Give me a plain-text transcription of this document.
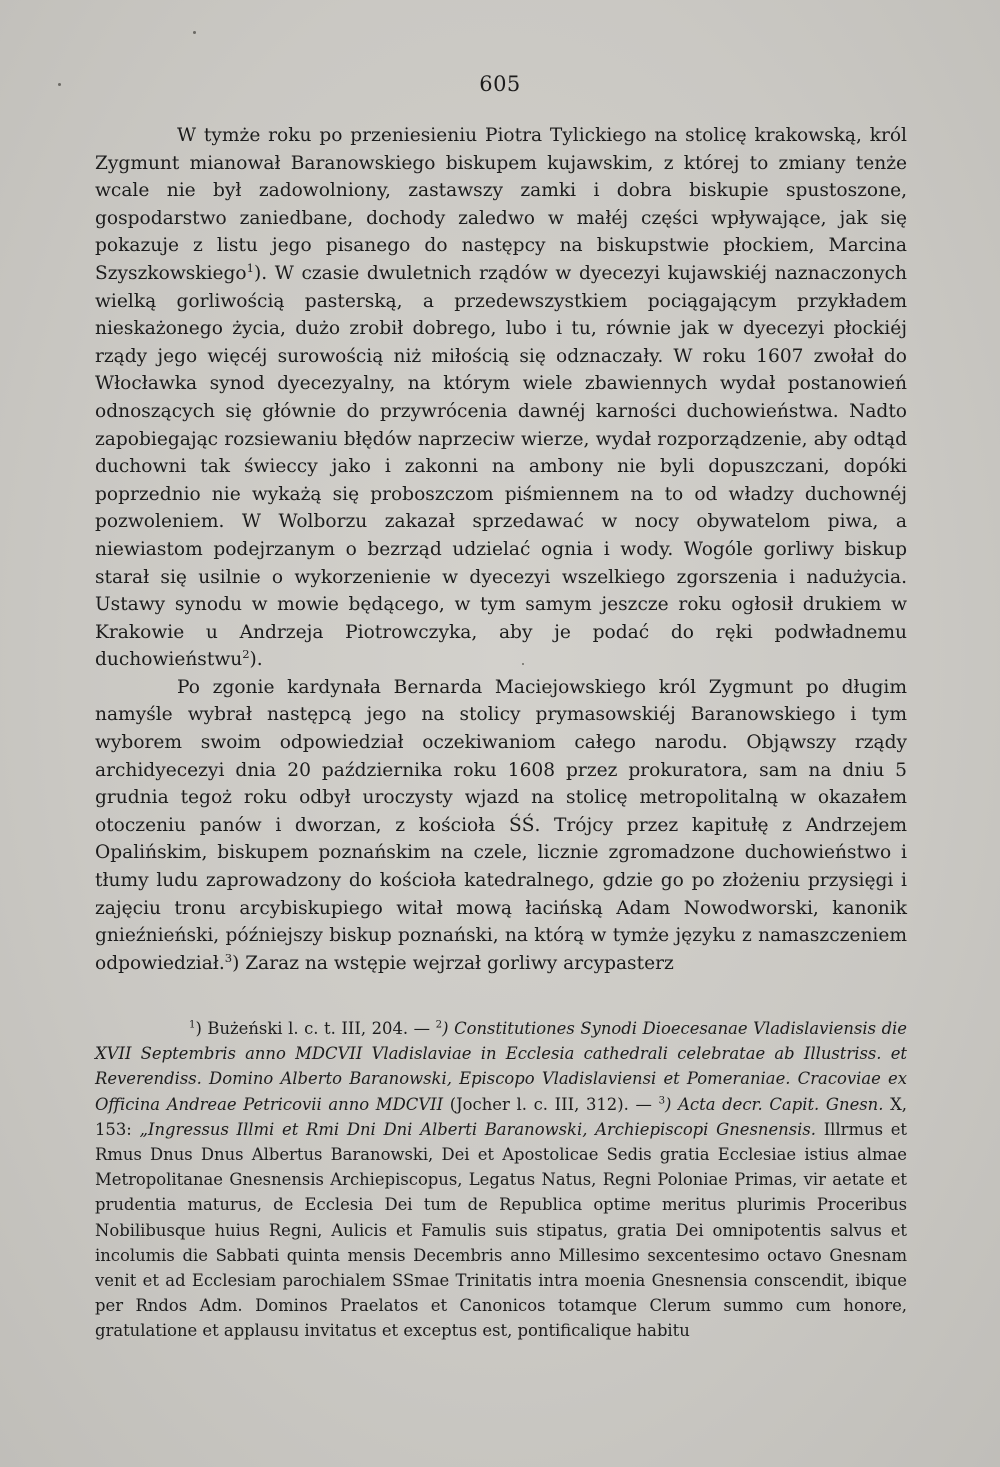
605

W tymże roku po przeniesieniu Piotra Tylickiego na stolicę krakowską, król Zygmunt mianował Baranowskiego biskupem kujawskim, z której to zmiany tenże wcale nie był zadowolniony, zastawszy zamki i dobra biskupie spustoszone, gospodarstwo zaniedbane, dochody zaledwo w małéj części wpływające, jak się pokazuje z listu jego pisanego do następcy na biskupstwie płockiem, Marcina Szyszkowskiego$^1$). W czasie dwuletnich rządów w dyecezyi kujawskiéj naznaczonych wielką gorliwością pasterską, a przedewszystkiem pociągającym przykładem nieskażonego życia, dużo zrobił dobrego, lubo i tu, równie jak w dyecezyi płockiéj rządy jego więcéj surowością niż miłością się odznaczały. W roku 1607 zwołał do Włocławka synod dyecezyalny, na którym wiele zbawiennych wydał postanowień odnoszących się głównie do przywrócenia dawnéj karności duchowieństwa. Nadto zapobiegając rozsiewaniu błędów naprzeciw wierze, wydał rozporządzenie, aby odtąd duchowni tak świeccy jako i zakonni na ambony nie byli dopuszczani, dopóki poprzednio nie wykażą się proboszczom piśmiennem na to od władzy duchownéj pozwoleniem. W Wolborzu zakazał sprzedawać w nocy obywatelom piwa, a niewiastom podejrzanym o bezrząd udzielać ognia i wody. Wogóle gorliwy biskup starał się usilnie o wykorzenienie w dyecezyi wszelkiego zgorszenia i nadużycia. Ustawy synodu w mowie będącego, w tym samym jeszcze roku ogłosił drukiem w Krakowie u Andrzeja Piotrowczyka, aby je podać do ręki podwładnemu duchowieństwu$^2$).

Po zgonie kardynała Bernarda Maciejowskiego król Zygmunt po długim namyśle wybrał następcą jego na stolicy prymasowskiéj Baranowskiego i tym wyborem swoim odpowiedział oczekiwaniom całego narodu. Objąwszy rządy archidyecezyi dnia 20 października roku 1608 przez prokuratora, sam na dniu 5 grudnia tegoż roku odbył uroczysty wjazd na stolicę metropolitalną w okazałem otoczeniu panów i dworzan, z kościoła ŚŚ. Trójcy przez kapitułę z Andrzejem Opalińskim, biskupem poznańskim na czele, licznie zgromadzone duchowieństwo i tłumy ludu zaprowadzony do kościoła katedralnego, gdzie go po złożeniu przysięgi i zajęciu tronu arcybiskupiego witał mową łacińską Adam Nowodworski, kanonik gnieźnieński, późniejszy biskup poznański, na którą w tymże języku z namaszczeniem odpowiedział.$^3$) Zaraz na wstępie wejrzał gorliwy arcypasterz

$^1$) Bużeński l. c. t. III, 204. — $^2$) Constitutiones Synodi Dioecesanae Vladislaviensis die XVII Septembris anno MDCVII Vladislaviae in Ecclesia cathedrali celebratae ab Illustriss. et Reverendiss. Domino Alberto Baranowski, Episcopo Vladislaviensi et Pomeraniae. Cracoviae ex Officina Andreae Petricovii anno MDCVII (Jocher l. c. III, 312). — $^3$) Acta decr. Capit. Gnesn. X, 153: „Ingressus Illmi et Rmi Dni Dni Alberti Baranowski, Archiepiscopi Gnesnensis. Illrmus et Rmus Dnus Dnus Albertus Baranowski, Dei et Apostolicae Sedis gratia Ecclesiae istius almae Metropolitanae Gnesnensis Archiepiscopus, Legatus Natus, Regni Poloniae Primas, vir aetate et prudentia maturus, de Ecclesia Dei tum de Republica optime meritus plurimis Proceribus Nobilibusque huius Regni, Aulicis et Famulis suis stipatus, gratia Dei omnipotentis salvus et incolumis die Sabbati quinta mensis Decembris anno Millesimo sexcentesimo octavo Gnesnam venit et ad Ecclesiam parochialem SSmae Trinitatis intra moenia Gnesnensia conscendit, ibique per Rndos Adm. Dominos Praelatos et Canonicos totamque Clerum summo cum honore, gratulatione et applausu invitatus et exceptus est, pontificalique habitu
